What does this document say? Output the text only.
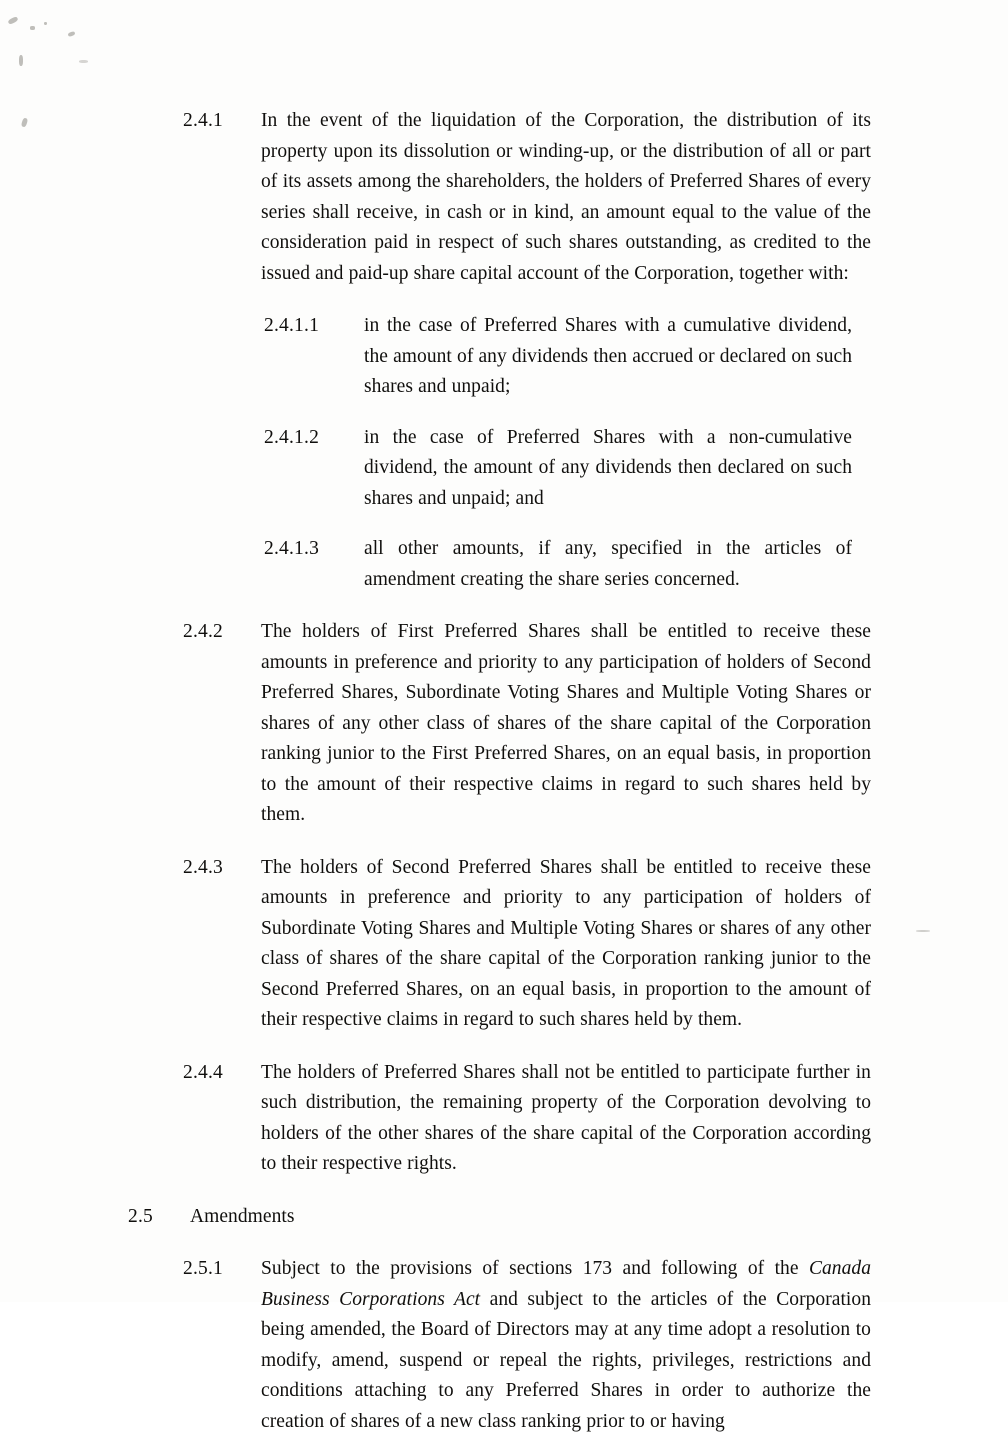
2.4.1	In the event of the liquidation of the Corporation, the distribution of its property upon its dissolution or winding-up, or the distribution of all or part of its assets among the shareholders, the holders of Preferred Shares of every series shall receive, in cash or in kind, an amount equal to the value of the consideration paid in respect of such shares outstanding, as credited to the issued and paid-up share capital account of the Corporation, together with:
2.4.1.1	in the case of Preferred Shares with a cumulative dividend, the amount of any dividends then accrued or declared on such shares and unpaid;
2.4.1.2	in the case of Preferred Shares with a non-cumulative dividend, the amount of any dividends then declared on such shares and unpaid; and
2.4.1.3	all other amounts, if any, specified in the articles of amendment creating the share series concerned.
2.4.2	The holders of First Preferred Shares shall be entitled to receive these amounts in preference and priority to any participation of holders of Second Preferred Shares, Subordinate Voting Shares and Multiple Voting Shares or shares of any other class of shares of the share capital of the Corporation ranking junior to the First Preferred Shares, on an equal basis, in proportion to the amount of their respective claims in regard to such shares held by them.
2.4.3	The holders of Second Preferred Shares shall be entitled to receive these amounts in preference and priority to any participation of holders of Subordinate Voting Shares and Multiple Voting Shares or shares of any other class of shares of the share capital of the Corporation ranking junior to the Second Preferred Shares, on an equal basis, in proportion to the amount of their respective claims in regard to such shares held by them.
2.4.4	The holders of Preferred Shares shall not be entitled to participate further in such distribution, the remaining property of the Corporation devolving to holders of the other shares of the share capital of the Corporation according to their respective rights.
2.5	Amendments
2.5.1	Subject to the provisions of sections 173 and following of the Canada Business Corporations Act and subject to the articles of the Corporation being amended, the Board of Directors may at any time adopt a resolution to modify, amend, suspend or repeal the rights, privileges, restrictions and conditions attaching to any Preferred Shares in order to authorize the creation of shares of a new class ranking prior to or having
